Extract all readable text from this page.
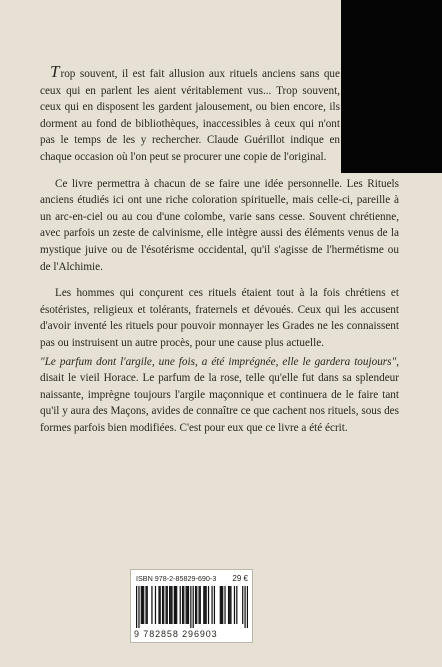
Trop souvent, il est fait allusion aux rituels anciens sans que ceux qui en parlent les aient véritablement vus... Trop souvent, ceux qui en disposent les gardent jalousement, ou bien encore, ils dorment au fond de bibliothèques, inaccessibles à ceux qui n'ont pas le temps de les y rechercher. Claude Guérillot indique en chaque occasion où l'on peut se procurer une copie de l'original.

Ce livre permettra à chacun de se faire une idée personnelle. Les Rituels anciens étudiés ici ont une riche coloration spirituelle, mais celle-ci, pareille à un arc-en-ciel ou au cou d'une colombe, varie sans cesse. Souvent chrétienne, avec parfois un zeste de calvinisme, elle intègre aussi des éléments venus de la mystique juive ou de l'ésotérisme occidental, qu'il s'agisse de l'hermétisme ou de l'Alchimie.

Les hommes qui conçurent ces rituels étaient tout à la fois chrétiens et ésotéristes, religieux et tolérants, fraternels et dévoués. Ceux qui les accusent d'avoir inventé les rituels pour pouvoir monnayer les Grades ne les connaissent pas ou instruisent un autre procès, pour une cause plus actuelle.

"Le parfum dont l'argile, une fois, a été imprégnée, elle le gardera toujours", disait le vieil Horace. Le parfum de la rose, telle qu'elle fut dans sa splendeur naissante, imprègne toujours l'argile maçonnique et continuera de le faire tant qu'il y aura des Maçons, avides de connaître ce que cachent nos rituels, sous des formes parfois bien modifiées. C'est pour eux que ce livre a été écrit.

ISBN 978-2-85829-690-3 29 €
9 782858 296903
